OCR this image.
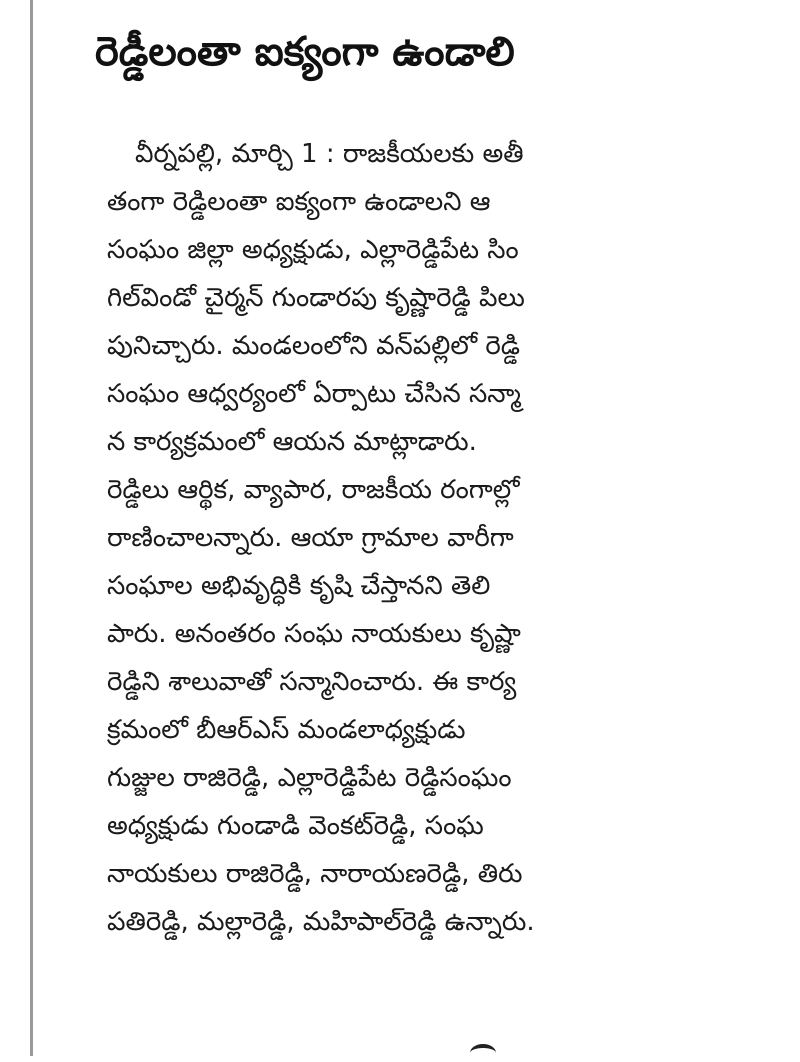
రెడ్డీలంతా ఐక్యంగా ఉండాలి
వీర్నపల్లి, మార్చి 1 : రాజకీయలకు అతీ
తంగా రెడ్డిలంతా ఐక్యంగా ఉండాలని ఆ
సంఘం జిల్లా అధ్యక్షుడు, ఎల్లారెడ్డిపేట సిం
గిల్‌విండో చైర్మన్ గుండారపు కృష్ణారెడ్డి పిలు
పునిచ్చారు. మండలంలోని వన్‌పల్లిలో రెడ్డి
సంఘం ఆధ్వర్యంలో ఏర్పాటు చేసిన సన్మా
న కార్యక్రమంలో ఆయన మాట్లాడారు.
రెడ్డిలు ఆర్థిక, వ్యాపార, రాజకీయ రంగాల్లో
రాణించాలన్నారు. ఆయా గ్రామాల వారీగా
సంఘాల అభివృద్ధికి కృషి చేస్తానని తెలి
పారు. అనంతరం సంఘ నాయకులు కృష్ణా
రెడ్డిని శాలువాతో సన్మానించారు. ఈ కార్య
క్రమంలో బీఆర్ఎస్ మండలాధ్యక్షుడు
గుజ్జుల రాజిరెడ్డి, ఎల్లారెడ్డిపేట రెడ్డిసంఘం
అధ్యక్షుడు గుండాడి వెంకట్‌రెడ్డి, సంఘ
నాయకులు రాజిరెడ్డి, నారాయణరెడ్డి, తిరు
పతిరెడ్డి, మల్లారెడ్డి, మహిపాల్‌రెడ్డి ఉన్నారు.
